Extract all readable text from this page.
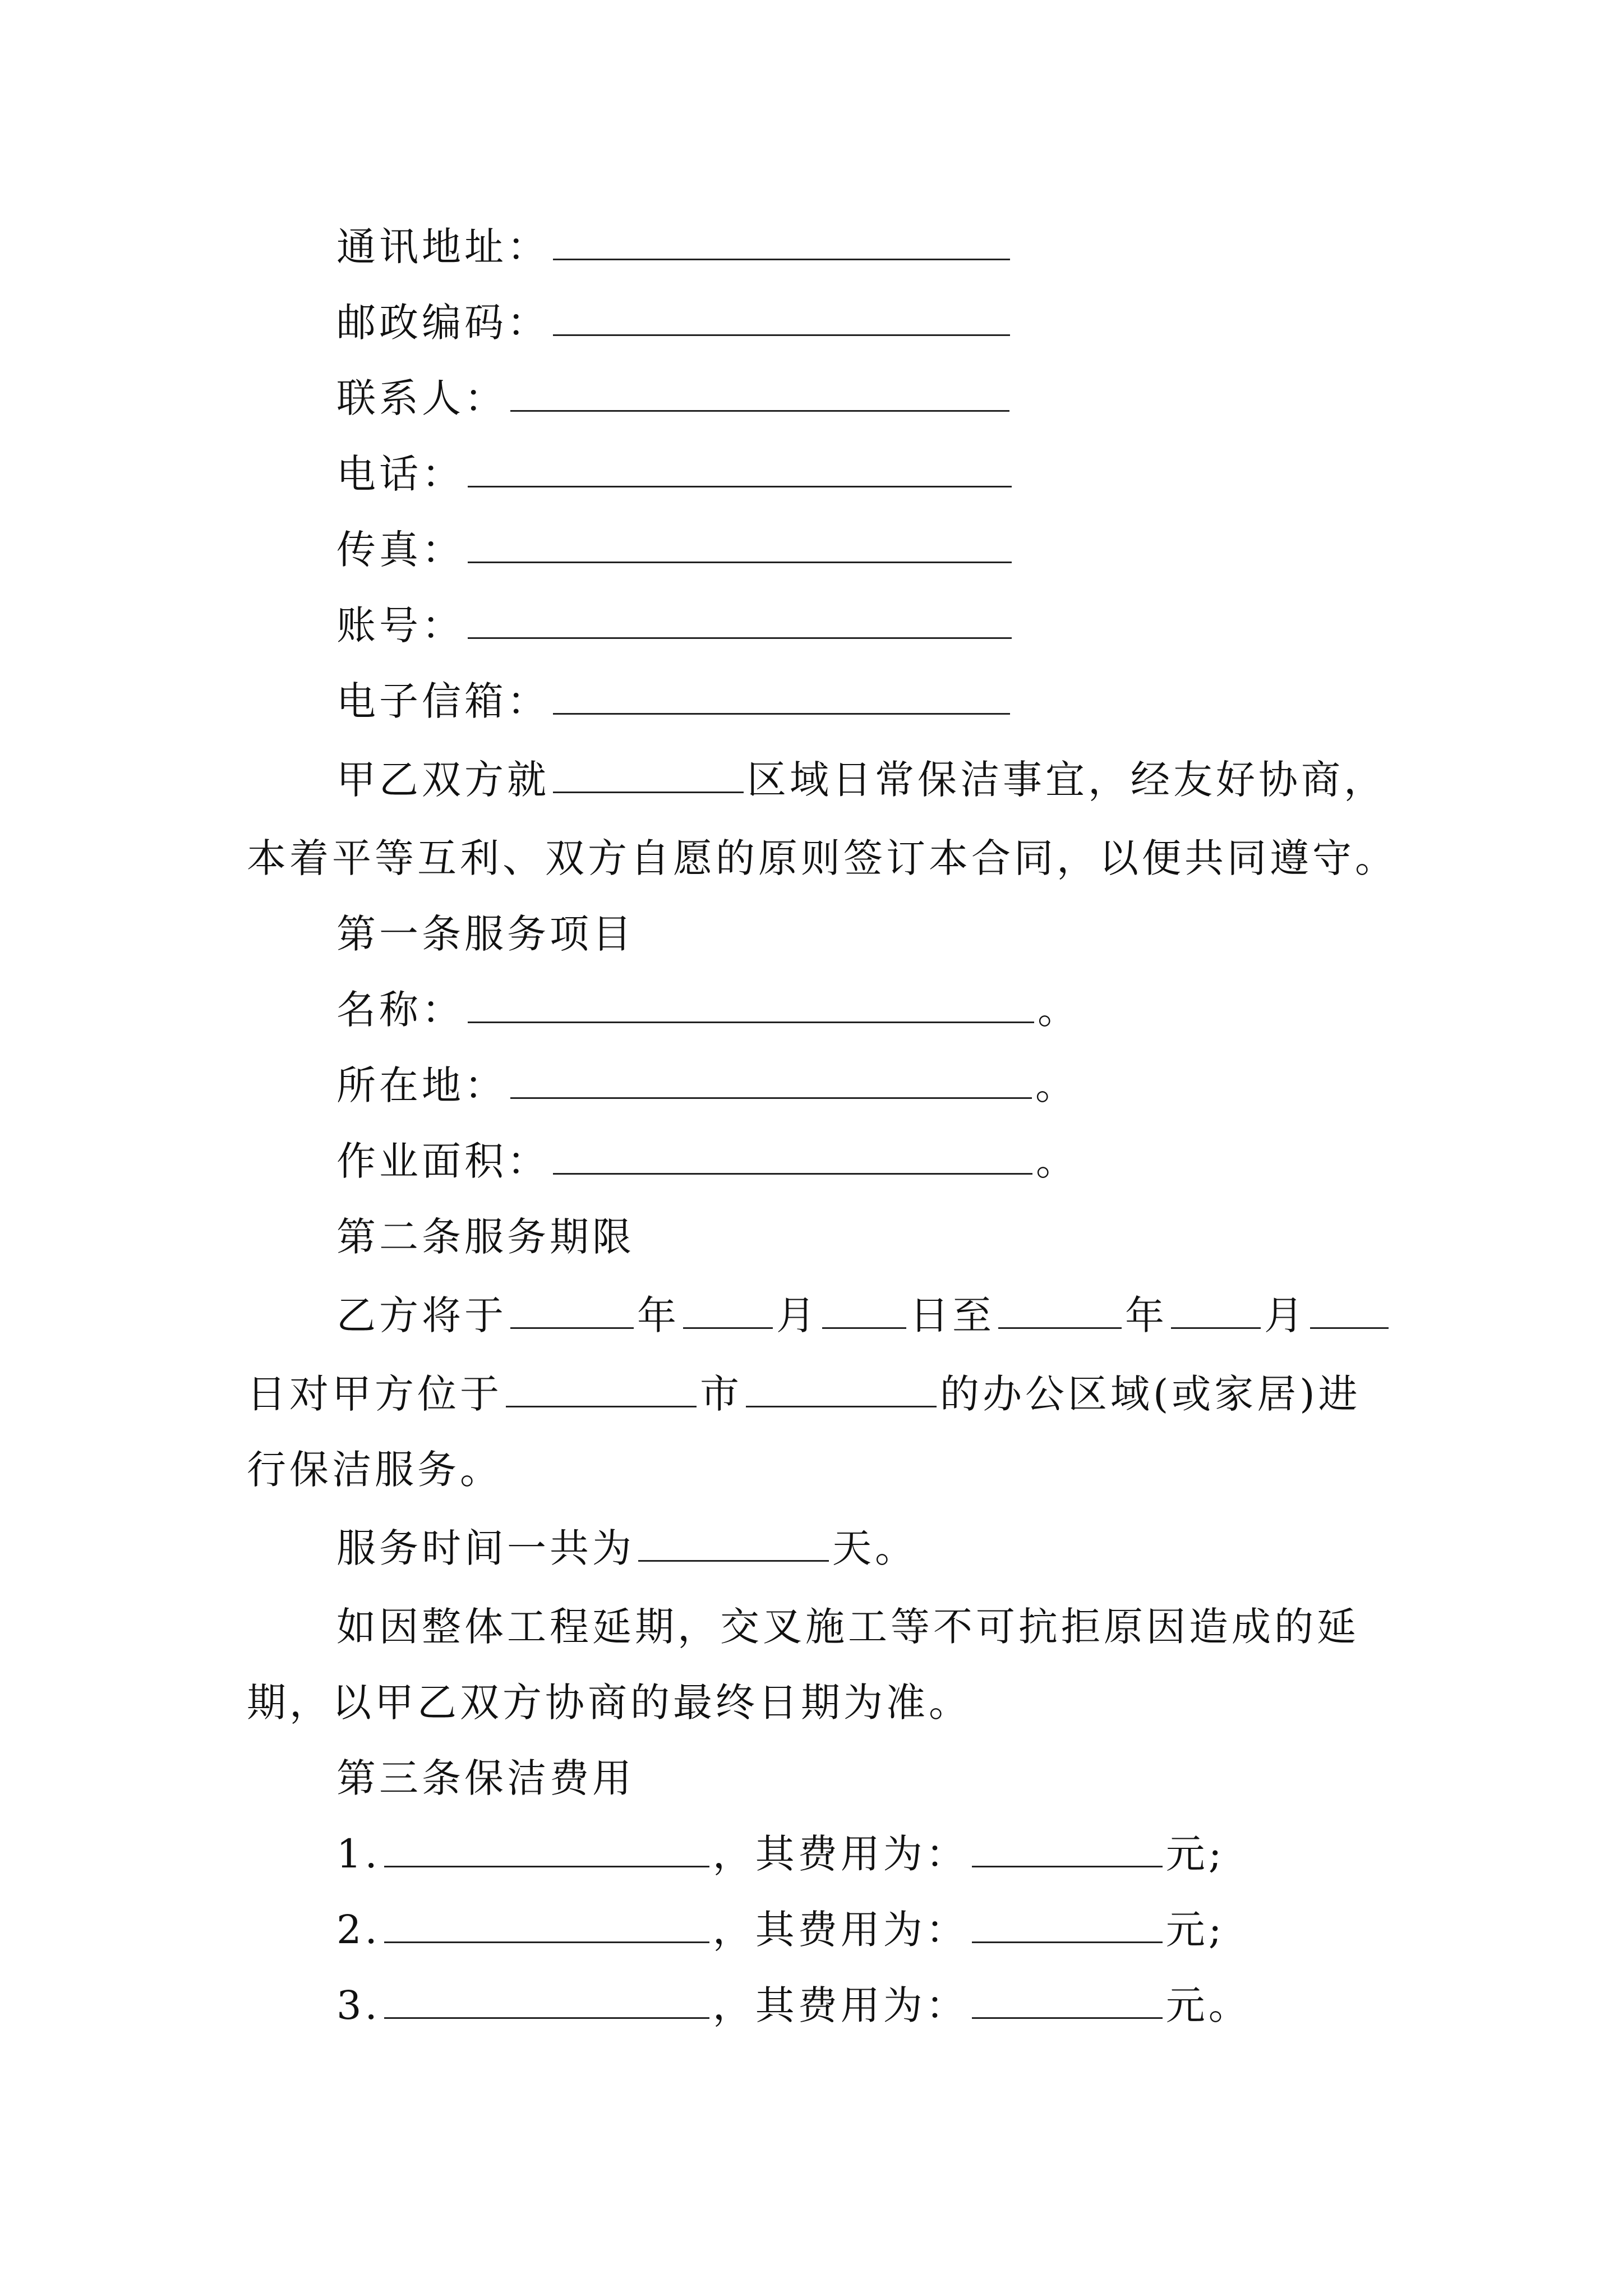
通讯地址：
邮政编码：
联系人：
电话：
传真：
账号：
电子信箱：
甲乙双方就	区域日常保洁事宜，经友好协商，
本着平等互利、双方自愿的原则签订本合同，以便共同遵守。
第一条服务项目
名称：	。
所在地：	。
作业面积：	。
第二条服务期限
乙方将于	年 月 日至	年 月
日对甲方位于	市	的办公区域(或家居)进
行保洁服务。
服务时间一共为	天。
如因整体工程延期，交叉施工等不可抗拒原因造成的延
期，以甲乙双方协商的最终日期为准。
第三条保洁费用
1.	，其费用为：	元;
2.	，其费用为：	元;
3.	，其费用为：	元。
